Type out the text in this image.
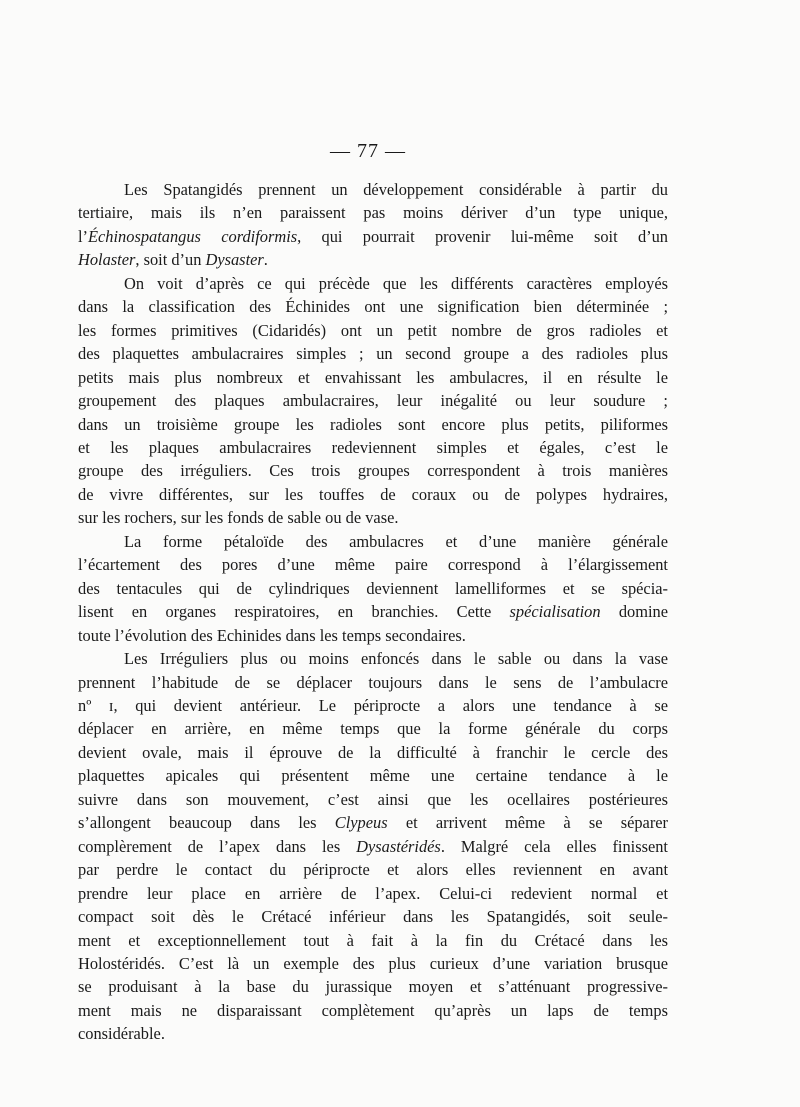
— 77 —
Les Spatangidés prennent un développement considérable à partir du
tertiaire, mais ils n’en paraissent pas moins dériver d’un type unique,
l’Échinospatangus cordiformis, qui pourrait provenir lui-même soit d’un
Holaster, soit d’un Dysaster.
On voit d’après ce qui précède que les différents caractères employés
dans la classification des Échinides ont une signification bien déterminée ;
les formes primitives (Cidaridés) ont un petit nombre de gros radioles et
des plaquettes ambulacraires simples ; un second groupe a des radioles plus
petits mais plus nombreux et envahissant les ambulacres, il en résulte le
groupement des plaques ambulacraires, leur inégalité ou leur soudure ;
dans un troisième groupe les radioles sont encore plus petits, piliformes
et les plaques ambulacraires redeviennent simples et égales, c’est le
groupe des irréguliers. Ces trois groupes correspondent à trois manières
de vivre différentes, sur les touffes de coraux ou de polypes hydraires,
sur les rochers, sur les fonds de sable ou de vase.
La forme pétaloïde des ambulacres et d’une manière générale
l’écartement des pores d’une même paire correspond à l’élargissement
des tentacules qui de cylindriques deviennent lamelliformes et se spécia-
lisent en organes respiratoires, en branchies. Cette spécialisation domine
toute l’évolution des Echinides dans les temps secondaires.
Les Irréguliers plus ou moins enfoncés dans le sable ou dans la vase
prennent l’habitude de se déplacer toujours dans le sens de l’ambulacre
nº ɪ, qui devient antérieur. Le périprocte a alors une tendance à se
déplacer en arrière, en même temps que la forme générale du corps
devient ovale, mais il éprouve de la difficulté à franchir le cercle des
plaquettes apicales qui présentent même une certaine tendance à le
suivre dans son mouvement, c’est ainsi que les ocellaires postérieures
s’allongent beaucoup dans les Clypeus et arrivent même à se séparer
complèrement de l’apex dans les Dysastéridés. Malgré cela elles finissent
par perdre le contact du périprocte et alors elles reviennent en avant
prendre leur place en arrière de l’apex. Celui-ci redevient normal et
compact soit dès le Crétacé inférieur dans les Spatangidés, soit seule-
ment et exceptionnellement tout à fait à la fin du Crétacé dans les
Holostéridés. C’est là un exemple des plus curieux d’une variation brusque
se produisant à la base du jurassique moyen et s’atténuant progressive-
ment mais ne disparaissant complètement qu’après un laps de temps
considérable.
